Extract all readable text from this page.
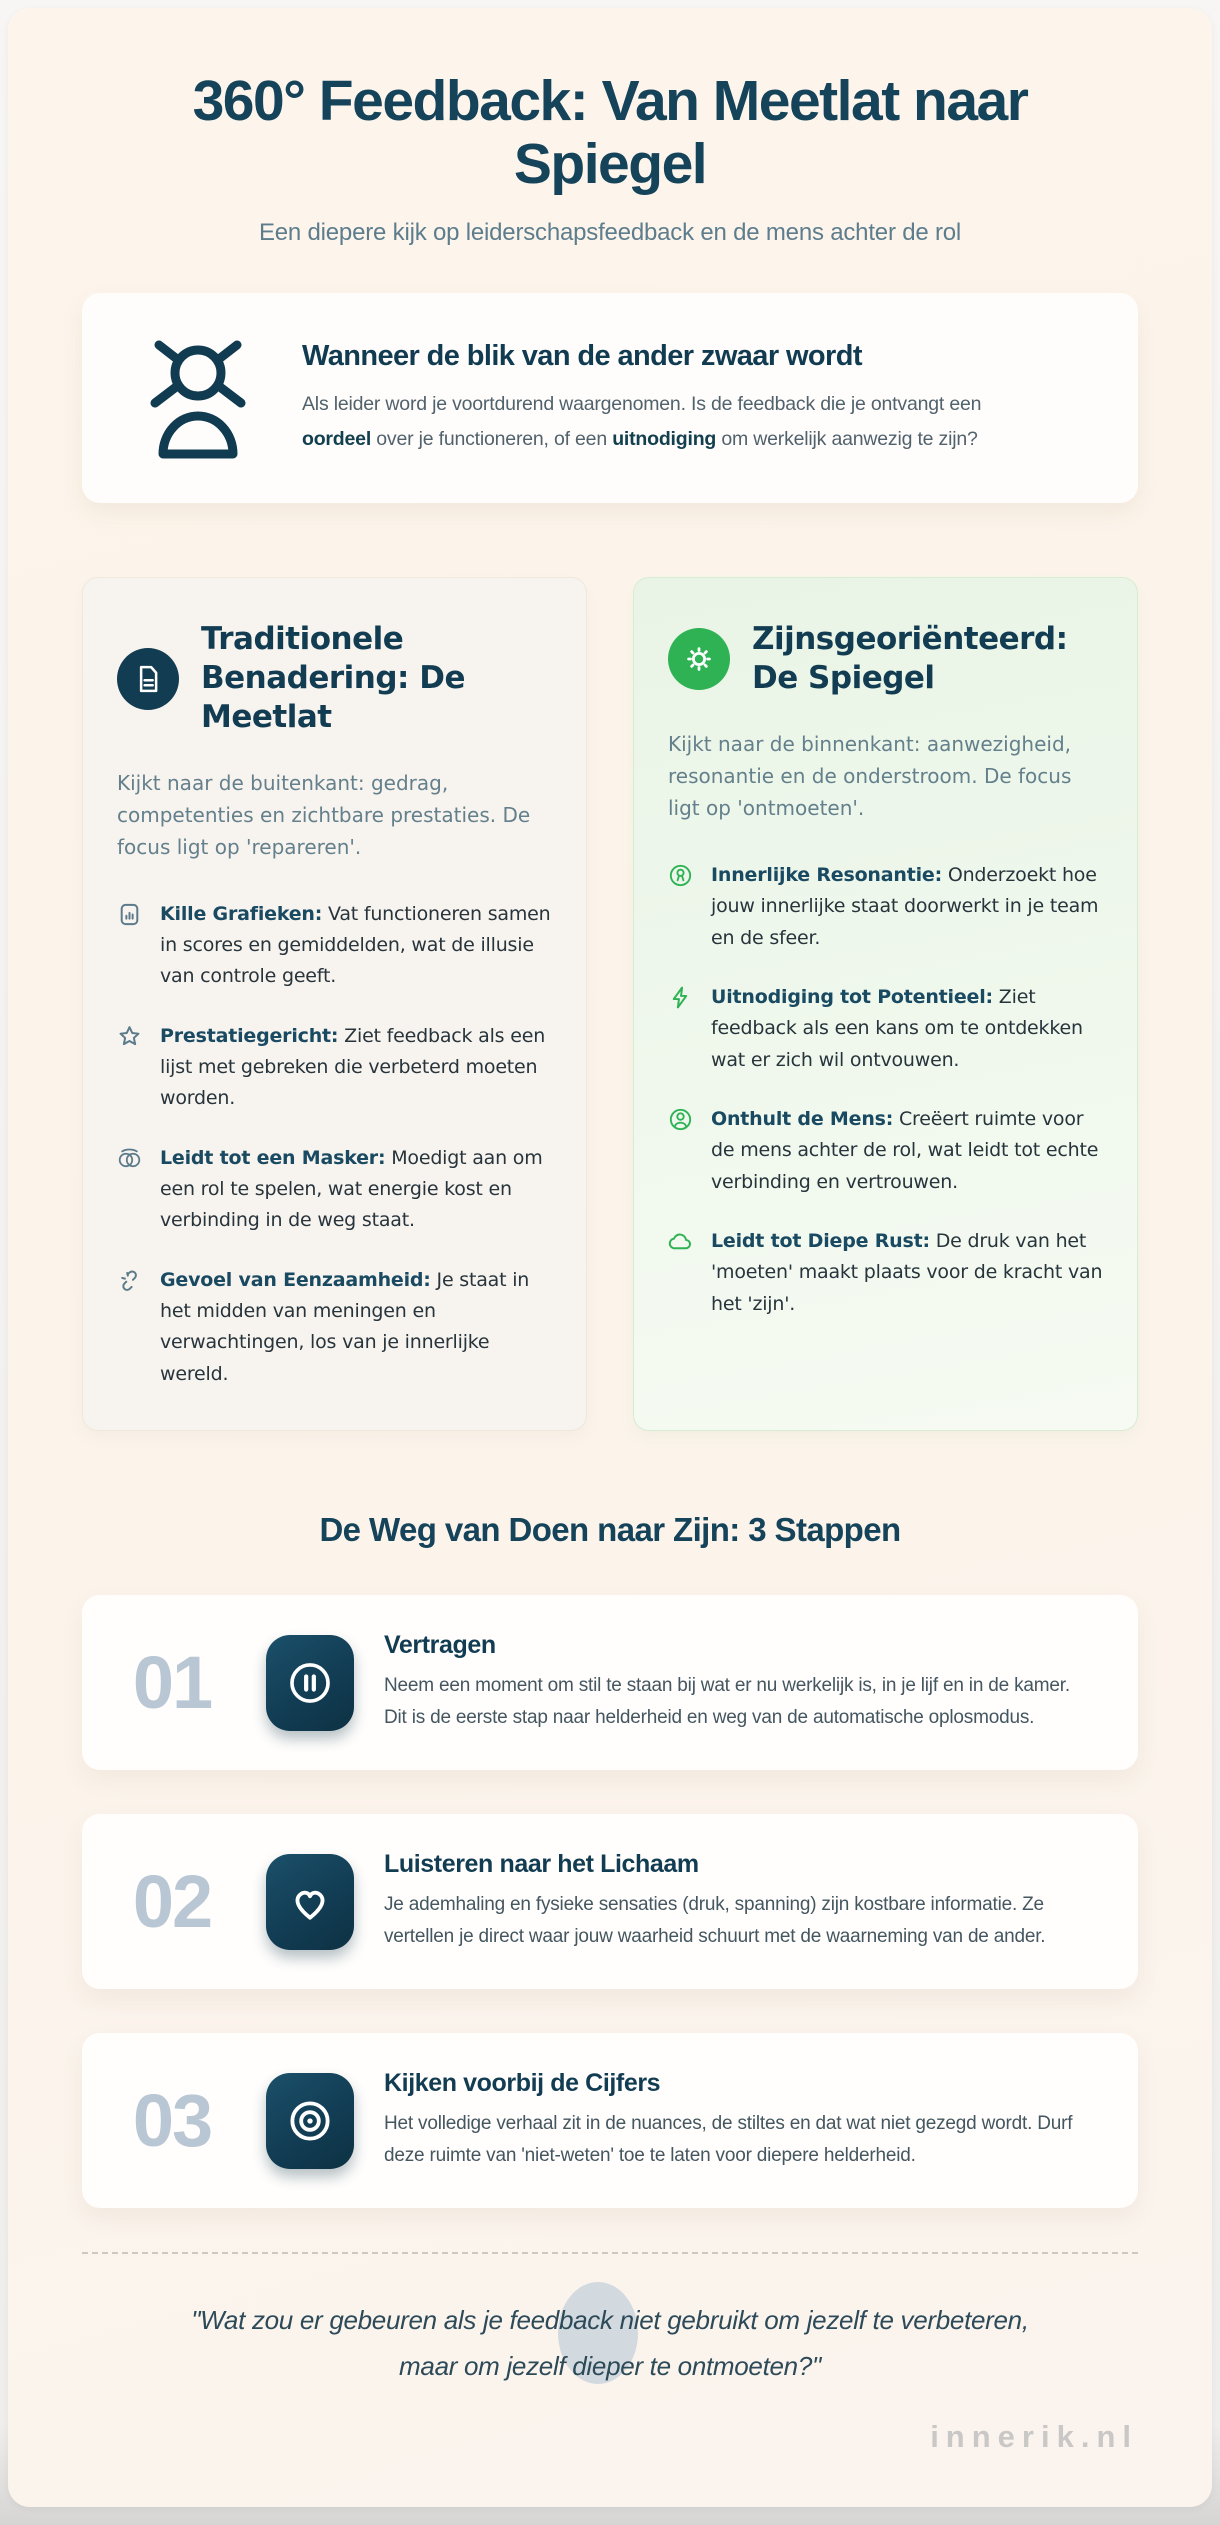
360° Feedback: Van Meetlat naar Spiegel
Een diepere kijk op leiderschapsfeedback en de mens achter de rol
Wanneer de blik van de ander zwaar wordt

Als leider word je voortdurend waargenomen. Is de feedback die je ontvangt een oordeel over je functioneren, of een uitnodiging om werkelijk aanwezig te zijn?

Traditionele Benadering: De Meetlat

Kijkt naar de buitenkant: gedrag, competenties en zichtbare prestaties. De focus ligt op 'repareren'.

Kille Grafieken: Vat functioneren samen in scores en gemiddelden, wat de illusie van controle geeft.
Prestatiegericht: Ziet feedback als een lijst met gebreken die verbeterd moeten worden.
Leidt tot een Masker: Moedigt aan om een rol te spelen, wat energie kost en verbinding in de weg staat.
Gevoel van Eenzaamheid: Je staat in het midden van meningen en verwachtingen, los van je innerlijke wereld.
Zijnsgeoriënteerd: De Spiegel

Kijkt naar de binnenkant: aanwezigheid, resonantie en de onderstroom. De focus ligt op 'ontmoeten'.

Innerlijke Resonantie: Onderzoekt hoe jouw innerlijke staat doorwerkt in je team en de sfeer.
Uitnodiging tot Potentieel: Ziet feedback als een kans om te ontdekken wat er zich wil ontvouwen.
Onthult de Mens: Creëert ruimte voor de mens achter de rol, wat leidt tot echte verbinding en vertrouwen.
Leidt tot Diepe Rust: De druk van het 'moeten' maakt plaats voor de kracht van het 'zijn'.
De Weg van Doen naar Zijn: 3 Stappen
01	Vertragen

Neem een moment om stil te staan bij wat er nu werkelijk is, in je lijf en in de kamer. Dit is de eerste stap naar helderheid en weg van de automatische oplosmodus.

02	Luisteren naar het Lichaam

Je ademhaling en fysieke sensaties (druk, spanning) zijn kostbare informatie. Ze vertellen je direct waar jouw waarheid schuurt met de waarneming van de ander.

03	Kijken voorbij de Cijfers

Het volledige verhaal zit in de nuances, de stiltes en dat wat niet gezegd wordt. Durf deze ruimte van 'niet-weten' toe te laten voor diepere helderheid.

"Wat zou er gebeuren als je feedback niet gebruikt om jezelf te verbeteren, maar om jezelf dieper te ontmoeten?"

innerik.nl
